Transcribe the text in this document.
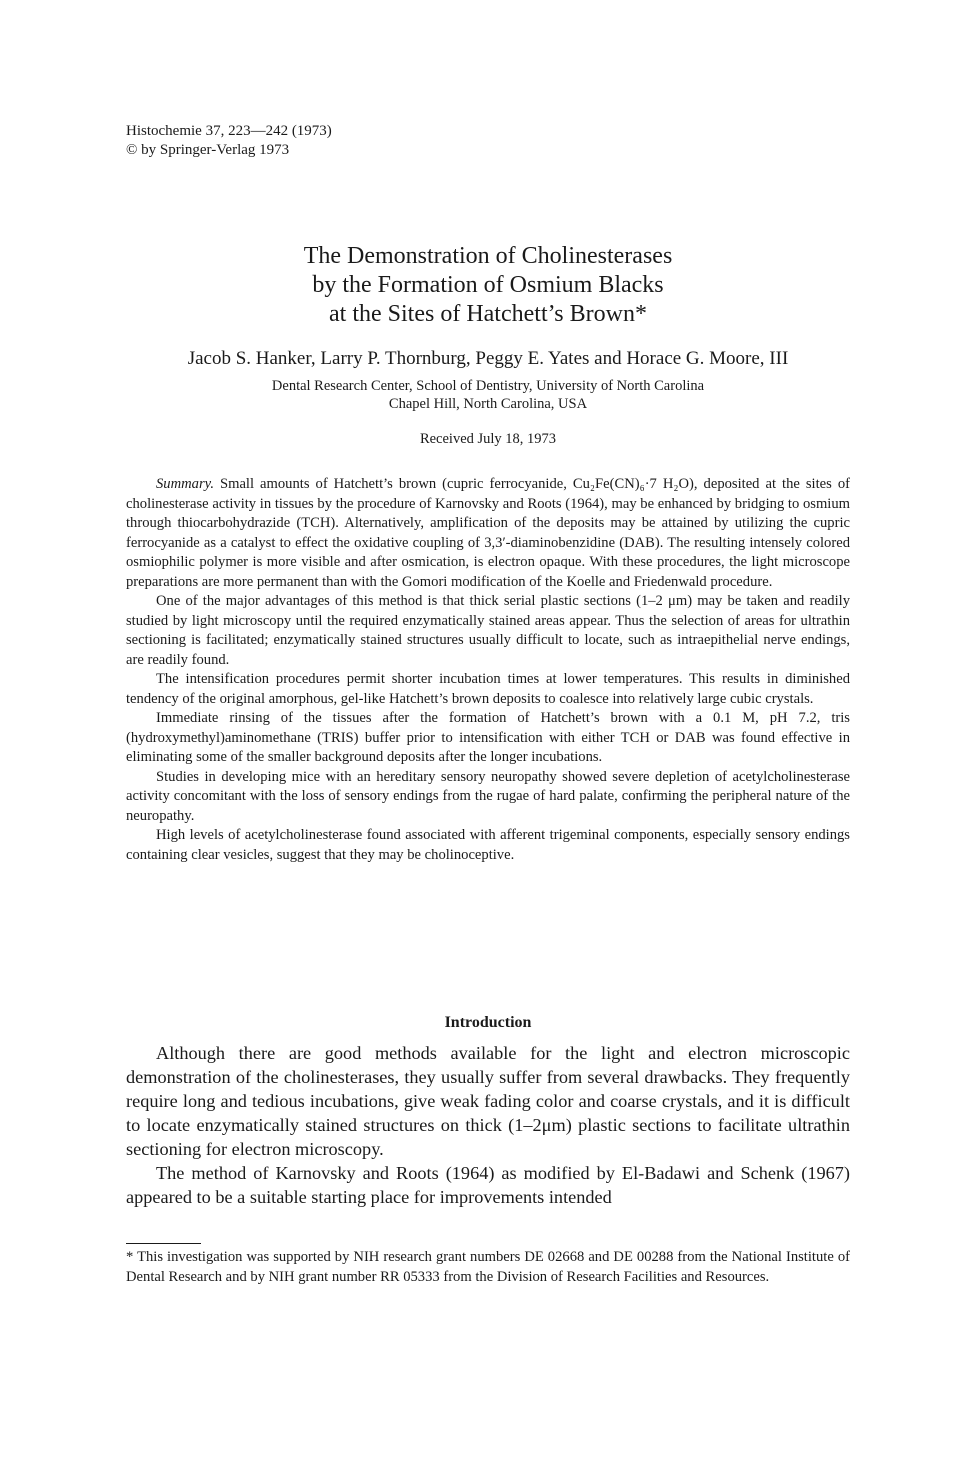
Histochemie 37, 223—242 (1973)
© by Springer-Verlag 1973
The Demonstration of Cholinesterases
by the Formation of Osmium Blacks
at the Sites of Hatchett’s Brown*
Jacob S. Hanker, Larry P. Thornburg, Peggy E. Yates and Horace G. Moore, III
Dental Research Center, School of Dentistry, University of North Carolina
Chapel Hill, North Carolina, USA
Received July 18, 1973

Summary. Small amounts of Hatchett’s brown (cupric ferrocyanide, Cu₂Fe(CN)₆·7 H₂O), deposited at the sites of cholinesterase activity in tissues by the procedure of Karnovsky and Roots (1964), may be enhanced by bridging to osmium through thiocarbohydrazide (TCH). Alternatively, amplification of the deposits may be attained by utilizing the cupric ferrocyanide as a catalyst to effect the oxidative coupling of 3,3′-diaminobenzidine (DAB). The resulting intensely colored osmiophilic polymer is more visible and after osmication, is electron opaque. With these procedures, the light microscope preparations are more permanent than with the Gomori modification of the Koelle and Friedenwald procedure.

One of the major advantages of this method is that thick serial plastic sections (1–2 μm) may be taken and readily studied by light microscopy until the required enzymatically stained areas appear. Thus the selection of areas for ultrathin sectioning is facilitated; enzymatically stained structures usually difficult to locate, such as intraepithelial nerve endings, are readily found.

The intensification procedures permit shorter incubation times at lower temperatures. This results in diminished tendency of the original amorphous, gel-like Hatchett’s brown deposits to coalesce into relatively large cubic crystals.

Immediate rinsing of the tissues after the formation of Hatchett’s brown with a 0.1 M, pH 7.2, tris (hydroxymethyl)aminomethane (TRIS) buffer prior to intensification with either TCH or DAB was found effective in eliminating some of the smaller background deposits after the longer incubations.

Studies in developing mice with an hereditary sensory neuropathy showed severe depletion of acetylcholinesterase activity concomitant with the loss of sensory endings from the rugae of hard palate, confirming the peripheral nature of the neuropathy.

High levels of acetylcholinesterase found associated with afferent trigeminal components, especially sensory endings containing clear vesicles, suggest that they may be cholinoceptive.

Introduction

Although there are good methods available for the light and electron microscopic demonstration of the cholinesterases, they usually suffer from several drawbacks. They frequently require long and tedious incubations, give weak fading color and coarse crystals, and it is difficult to locate enzymatically stained structures on thick (1–2μm) plastic sections to facilitate ultrathin sectioning for electron microscopy.

The method of Karnovsky and Roots (1964) as modified by El-Badawi and Schenk (1967) appeared to be a suitable starting place for improvements intended

* This investigation was supported by NIH research grant numbers DE 02668 and DE 00288 from the National Institute of Dental Research and by NIH grant number RR 05333 from the Division of Research Facilities and Resources.
